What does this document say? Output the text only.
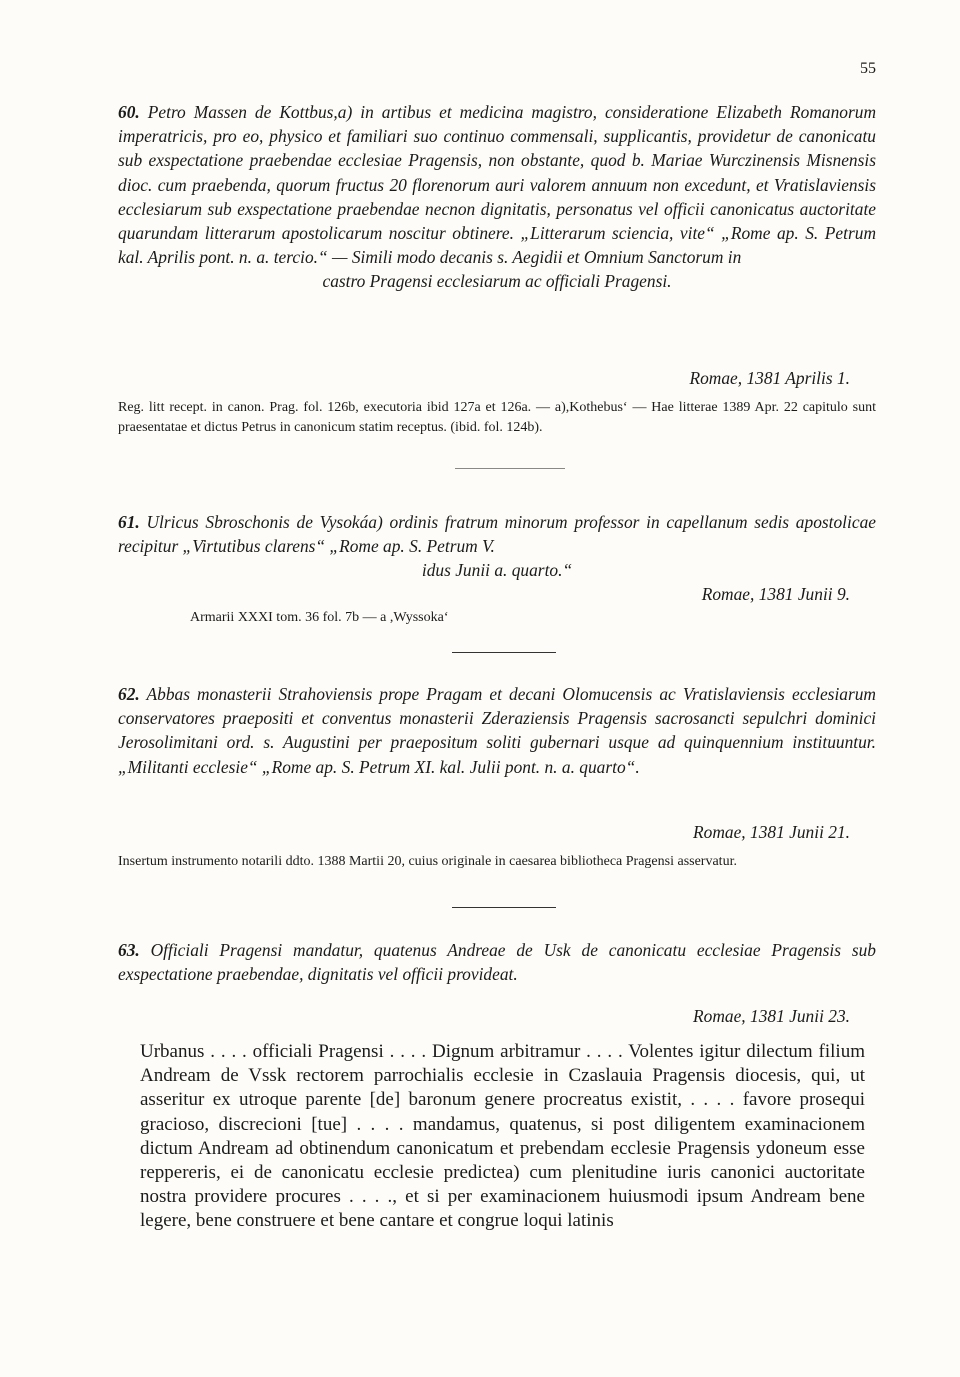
55
60. Petro Massen de Kottbus,a) in artibus et medicina magistro, consideratione Elizabeth Romanorum imperatricis, pro eo, physico et familiari suo continuo commensali, supplicantis, providetur de canonicatu sub exspectatione praebendae ecclesiae Pragensis, non obstante, quod b. Mariae Wurczinensis Misnensis dioc. cum praebenda, quorum fructus 20 florenorum auri valorem annuum non excedunt, et Vratislaviensis ecclesiarum sub exspectatione praebendae necnon dignitatis, personatus vel officii canonicatus auctoritate quarundam litterarum apostolicarum noscitur obtinere. „Litterarum sciencia, vite“ „Rome ap. S. Petrum kal. Aprilis pont. n. a. tercio.“ — Simili modo decanis s. Aegidii et Omnium Sanctorum in
castro Pragensi ecclesiarum ac officiali Pragensi.
Romae, 1381 Aprilis 1.
Reg. litt recept. in canon. Prag. fol. 126b, executoria ibid 127a et 126a. — a),Kothebus‘ — Hae litterae 1389 Apr. 22 capitulo sunt praesentatae et dictus Petrus in canonicum statim receptus. (ibid. fol. 124b).
61. Ulricus Sbroschonis de Vysokáa) ordinis fratrum minorum professor in capellanum sedis apostolicae recipitur „Virtutibus clarens“ „Rome ap. S. Petrum V.
idus Junii a. quarto.“
Romae, 1381 Junii 9.
Armarii XXXI tom. 36 fol. 7b — a ,Wyssoka‘
62. Abbas monasterii Strahoviensis prope Pragam et decani Olomucensis ac Vratislaviensis ecclesiarum conservatores praepositi et conventus monasterii Zderaziensis Pragensis sacrosancti sepulchri dominici Jerosolimitani ord. s. Augustini per praepositum soliti gubernari usque ad quinquennium instituuntur. „Militanti ecclesie“ „Rome ap. S. Petrum XI. kal. Julii pont. n. a. quarto“.
Romae, 1381 Junii 21.
Insertum instrumento notarili ddto. 1388 Martii 20, cuius originale in caesarea bibliotheca Pragensi asservatur.
63. Officiali Pragensi mandatur, quatenus Andreae de Usk de canonicatu ecclesiae Pragensis sub exspectatione praebendae, dignitatis vel officii provideat.
Romae, 1381 Junii 23.
Urbanus . . . . officiali Pragensi . . . . Dignum arbitramur . . . . Volentes igitur dilectum filium Andream de Vssk rectorem parrochialis ecclesie in Czaslauia Pragensis diocesis, qui, ut asseritur ex utroque parente [de] baronum genere procreatus existit, . . . . favore prosequi gracioso, discrecioni [tue] . . . . mandamus, quatenus, si post diligentem examinacionem dictum Andream ad obtinendum canonicatum et prebendam ecclesie Pragensis ydoneum esse reppereris, ei de canonicatu ecclesie predictea) cum plenitudine iuris canonici auctoritate nostra providere procures . . . ., et si per examinacionem huiusmodi ipsum Andream bene legere, bene construere et bene cantare et congrue loqui latinis
